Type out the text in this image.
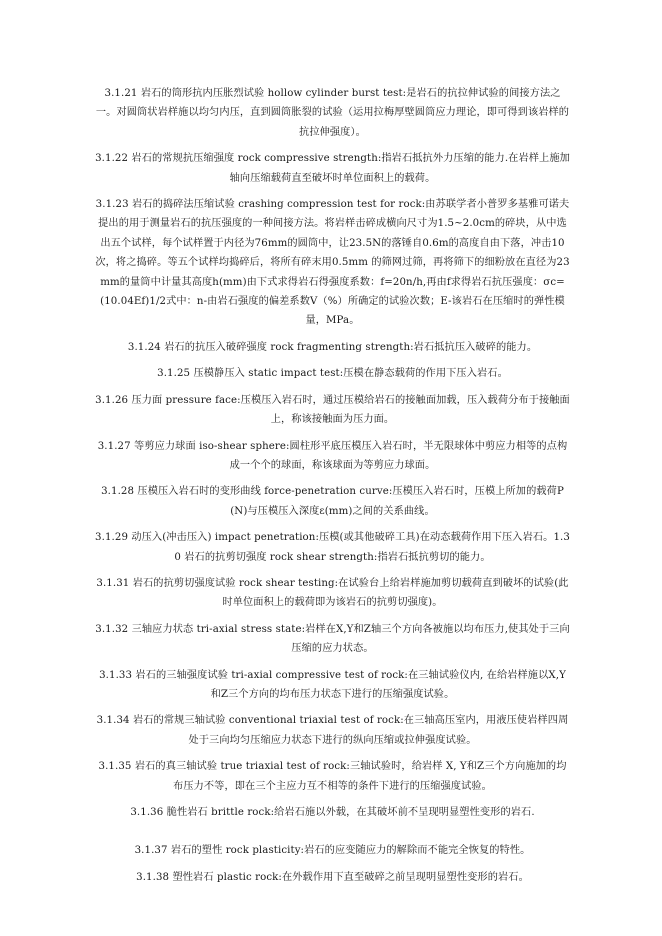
3.1.21 岩石的筒形抗内压胀烈试验 hollow cylinder burst test:是岩石的抗拉伸试验的间接方法之一。对圆筒状岩样施以均匀内压，直到圆筒胀裂的试验（运用拉梅厚壁圆筒应力理论，即可得到该岩样的抗拉伸强度）。

3.1.22 岩石的常规抗压缩强度 rock compressive strength:指岩石抵抗外力压缩的能力.在岩样上施加轴向压缩载荷直至破坏时单位面积上的载荷。

3.1.23 岩石的捣碎法压缩试验 crashing compression test for rock:由苏联学者小普罗多基雅可诺夫提出的用于测量岩石的抗压强度的一种间接方法。将岩样击碎成横向尺寸为1.5~2.0cm的碎块，从中选出五个试样，每个试样置于内径为76mm的圆筒中，让23.5N的落锤自0.6m的高度自由下落，冲击10次，将之捣碎。等五个试样均捣碎后，将所有碎末用0.5mm 的筛网过筛，再将筛下的细粉放在直径为23mm的量筒中计量其高度h(mm)由下式求得岩石得强度系数：f=20n/h,再由f求得岩石抗压强度：σc=(10.04Ef)1/2式中：n-由岩石强度的偏差系数V（%）所确定的试验次数；E-该岩石在压缩时的弹性模量，MPa。

3.1.24 岩石的抗压入破碎强度 rock fragmenting strength:岩石抵抗压入破碎的能力。

3.1.25 压模静压入 static impact test:压模在静态载荷的作用下压入岩石。

3.1.26 压力面 pressure face:压模压入岩石时，通过压模给岩石的接触面加载，压入载荷分布于接触面上，称该接触面为压力面。

3.1.27 等剪应力球面 iso-shear sphere:圆柱形平底压模压入岩石时，半无限球体中剪应力相等的点构成一个个的球面，称该球面为等剪应力球面。

3.1.28 压模压入岩石时的变形曲线 force-penetration curve:压模压入岩石时，压模上所加的载荷P(N)与压模压入深度ε(mm)之间的关系曲线。

3.1.29 动压入(冲击压入) impact penetration:压模(或其他破碎工具)在动态载荷作用下压入岩石。1.30 岩石的抗剪切强度 rock shear strength:指岩石抵抗剪切的能力。

3.1.31 岩石的抗剪切强度试验 rock shear testing:在试验台上给岩样施加剪切载荷直到破坏的试验(此时单位面积上的载荷即为该岩石的抗剪切强度)。

3.1.32 三轴应力状态 tri-axial stress state:岩样在X,Y和Z轴三个方向各被施以均布压力,使其处于三向压缩的应力状态。

3.1.33 岩石的三轴强度试验 tri-axial compressive test of rock:在三轴试验仪内, 在给岩样施以X,Y和Z三个方向的均布压力状态下进行的压缩强度试验。

3.1.34 岩石的常规三轴试验 conventional triaxial test of rock:在三轴高压室内，用液压使岩样四周处于三向均匀压缩应力状态下进行的纵向压缩或拉伸强度试验。

3.1.35 岩石的真三轴试验 true triaxial test of rock:三轴试验时，给岩样 X, Y和Z三个方向施加的均布压力不等，即在三个主应力互不相等的条件下进行的压缩强度试验。

3.1.36 脆性岩石 brittle rock:给岩石施以外载，在其破坏前不呈现明显塑性变形的岩石.

3.1.37 岩石的塑性 rock plasticity:岩石的应变随应力的解除而不能完全恢复的特性。

3.1.38 塑性岩石 plastic rock:在外载作用下直至破碎之前呈现明显塑性变形的岩石。
